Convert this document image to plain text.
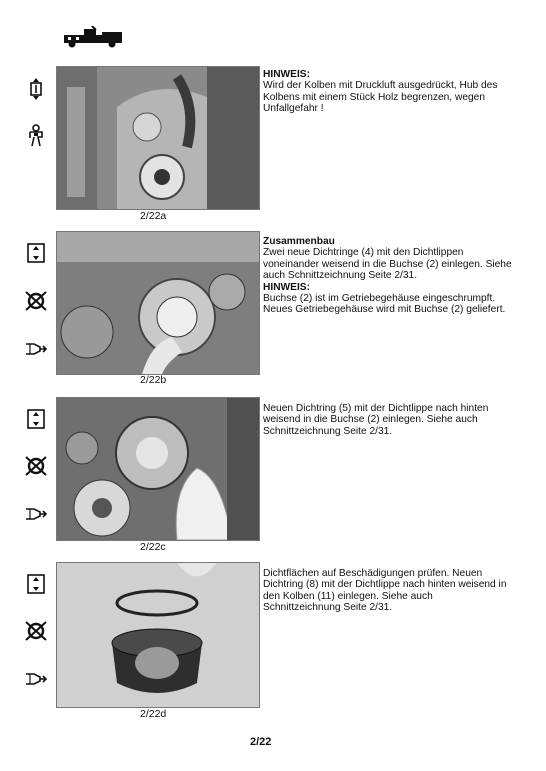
2/22a
HINWEIS:
Wird der Kolben mit Druckluft ausgedrückt, Hub des Kolbens mit einem Stück Holz begrenzen, wegen Unfallgefahr !
2/22b
Zusammenbau
Zwei neue Dichtringe (4) mit den Dichtlippen voneinander weisend in die Buchse (2) einlegen. Siehe auch Schnittzeichnung Seite 2/31.
HINWEIS:
Buchse (2) ist im Getriebegehäuse eingeschrumpft. Neues Getriebegehäuse wird mit Buchse (2) geliefert.
2/22c
Neuen Dichtring (5) mit der Dichtlippe nach hinten weisend in die Buchse (2) einlegen. Siehe auch Schnittzeichnung Seite 2/31.
2/22d
Dichtflächen auf Beschädigungen prüfen. Neuen Dichtring (8) mit der Dichtlippe nach hinten weisend in den Kolben (11) einlegen. Siehe auch Schnittzeichnung Seite 2/31.
2/22
